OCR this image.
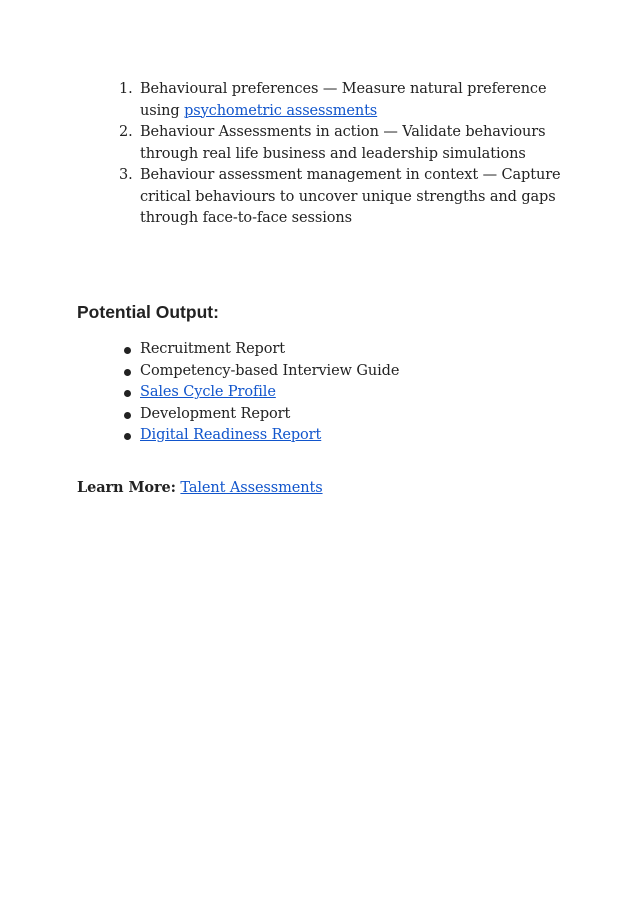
1. Behavioural preferences — Measure natural preference using psychometric assessments
2. Behaviour Assessments in action — Validate behaviours through real life business and leadership simulations
3. Behaviour assessment management in context — Capture critical behaviours to uncover unique strengths and gaps through face-to-face sessions
Potential Output:
Recruitment Report
Competency-based Interview Guide
Sales Cycle Profile
Development Report
Digital Readiness Report

Learn More: Talent Assessments
